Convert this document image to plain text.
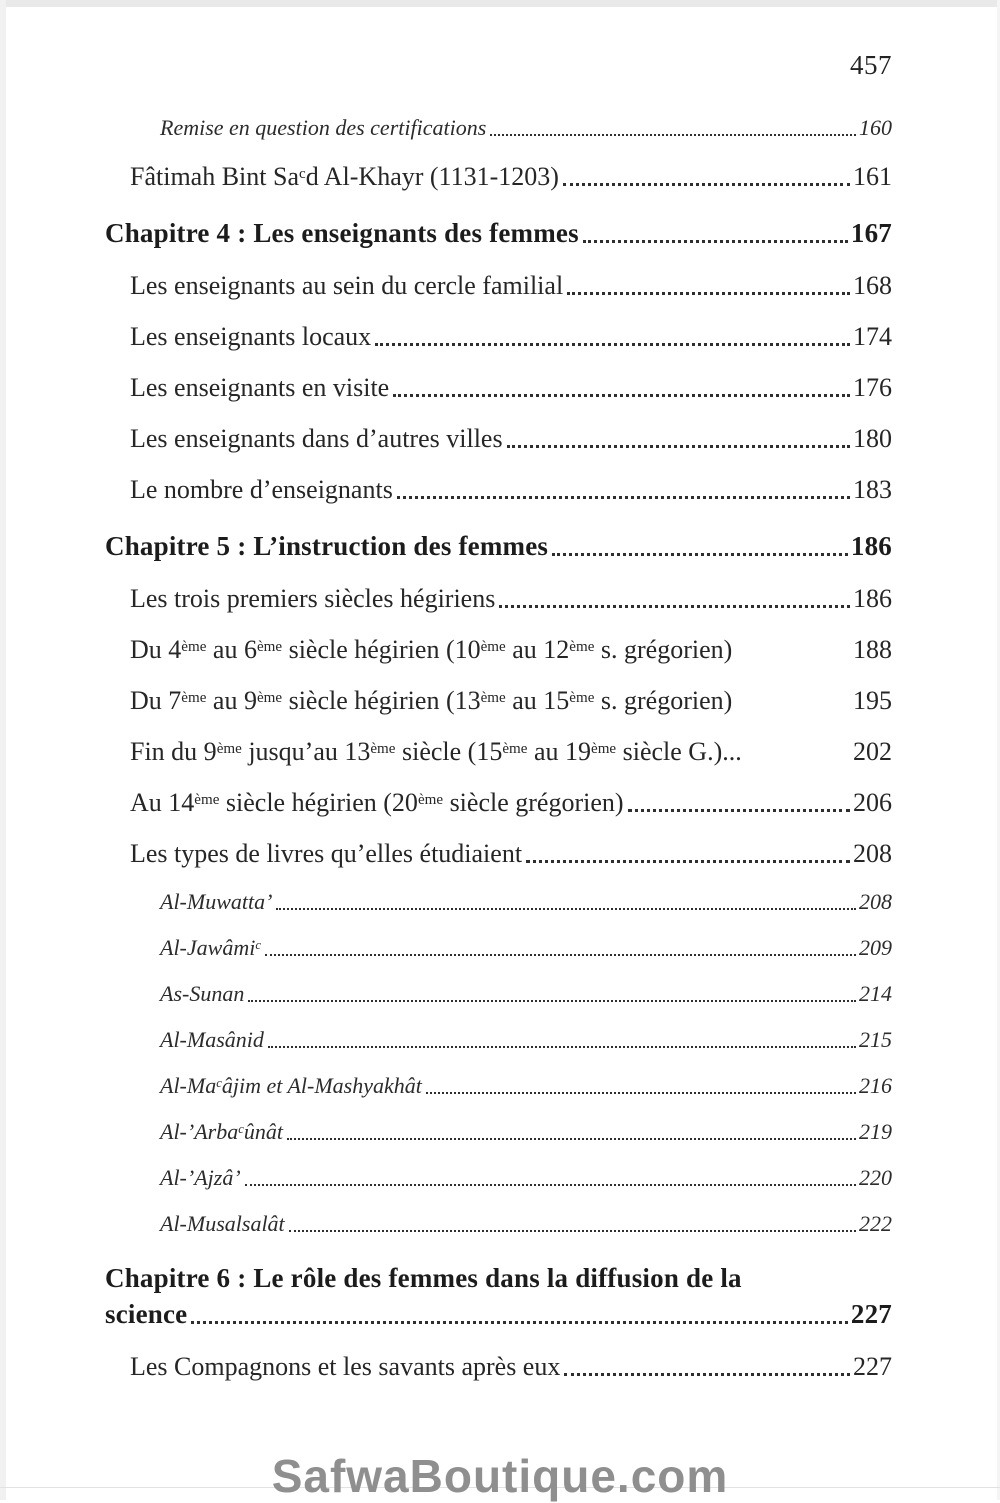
457
Remise en question des certifications	160
Fâtimah Bint Sa$^c$d Al-Khayr (1131-1203)	161
Chapitre 4 : Les enseignants des femmes	167
Les enseignants au sein du cercle familial	168
Les enseignants locaux	174
Les enseignants en visite	176
Les enseignants dans d’autres villes	180
Le nombre d’enseignants	183
Chapitre 5 : L’instruction des femmes	186
Les trois premiers siècles hégiriens	186
Du 4ème au 6ème siècle hégirien (10ème au 12ème s. grégorien)	188
Du 7ème au 9ème siècle hégirien (13ème au 15ème s. grégorien)	195
Fin du 9ème jusqu’au 13ème siècle (15ème au 19ème siècle G.)...	202
Au 14ème siècle hégirien (20ème siècle grégorien)	206
Les types de livres qu’elles étudiaient	208
Al-Muwatta’	208
Al-Jawâmi$^c$	209
As-Sunan	214
Al-Masânid	215
Al-Ma$^c$âjim et Al-Mashyakhât	216
Al-’Arba$^c$ûnât	219
Al-’Ajzâ’	220
Al-Musalsalât	222
Chapitre 6 : Le rôle des femmes dans la diffusion de la
science	227
Les Compagnons et les savants après eux	227
SafwaBoutique.com
